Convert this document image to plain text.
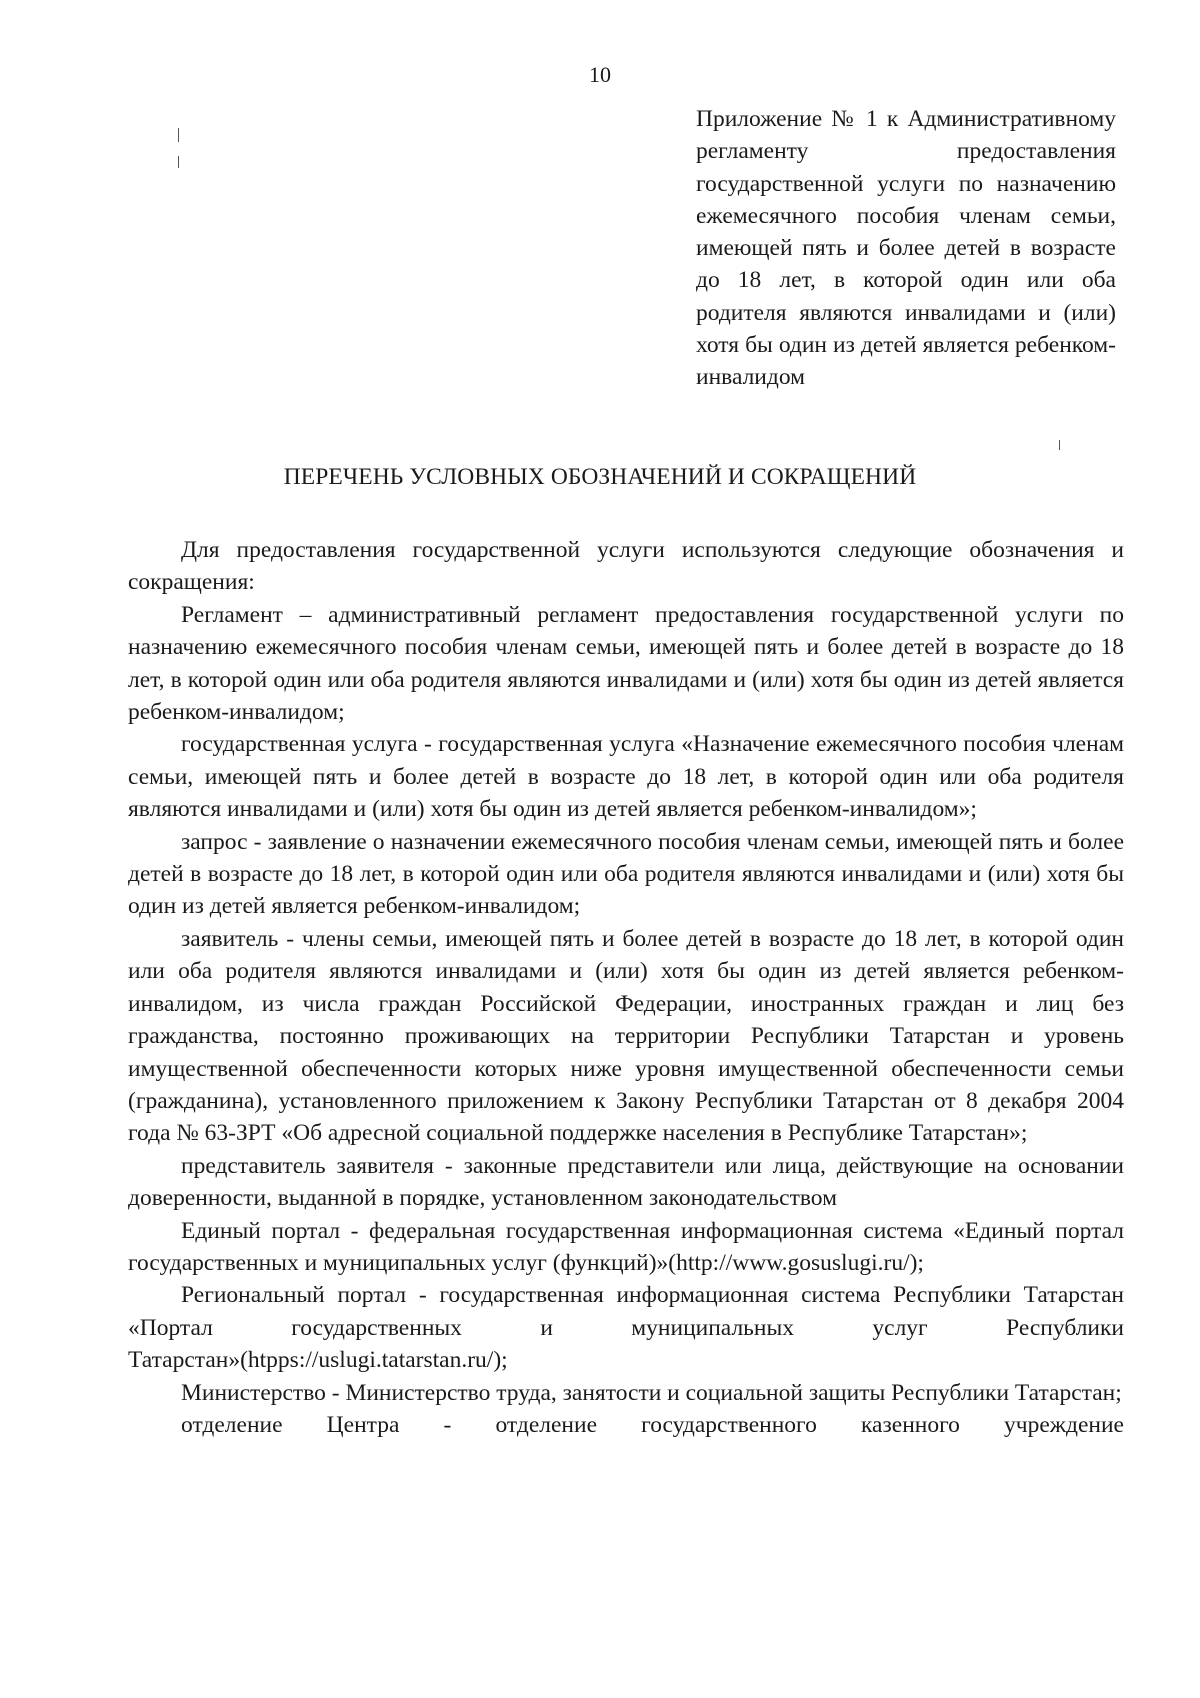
10
Приложение № 1 к Административному регламенту предоставления государственной услуги по назначению ежемесячного пособия членам семьи, имеющей пять и более детей в возрасте до 18 лет, в которой один или оба родителя являются инвалидами и (или) хотя бы один из детей является ребенком-инвалидом
ПЕРЕЧЕНЬ УСЛОВНЫХ ОБОЗНАЧЕНИЙ И СОКРАЩЕНИЙ

Для предоставления государственной услуги используются следующие обозначения и сокращения:

Регламент – административный регламент предоставления государственной услуги по назначению ежемесячного пособия членам семьи, имеющей пять и более детей в возрасте до 18 лет, в которой один или оба родителя являются инвалидами и (или) хотя бы один из детей является ребенком-инвалидом;

государственная услуга - государственная услуга «Назначение ежемесячного пособия членам семьи, имеющей пять и более детей в возрасте до 18 лет, в которой один или оба родителя являются инвалидами и (или) хотя бы один из детей является ребенком-инвалидом»;

запрос - заявление о назначении ежемесячного пособия членам семьи, имеющей пять и более детей в возрасте до 18 лет, в которой один или оба родителя являются инвалидами и (или) хотя бы один из детей является ребенком-инвалидом;

заявитель - члены семьи, имеющей пять и более детей в возрасте до 18 лет, в которой один или оба родителя являются инвалидами и (или) хотя бы один из детей является ребенком-инвалидом, из числа граждан Российской Федерации, иностранных граждан и лиц без гражданства, постоянно проживающих на территории Республики Татарстан и уровень имущественной обеспеченности которых ниже уровня имущественной обеспеченности семьи (гражданина), установленного приложением к Закону Республики Татарстан от 8 декабря 2004 года № 63-ЗРТ «Об адресной социальной поддержке населения в Республике Татарстан»;

представитель заявителя - законные представители или лица, действующие на основании доверенности, выданной в порядке, установленном законодательством

Единый портал - федеральная государственная информационная система «Единый портал государственных и муниципальных услуг (функций)»(http://www.gosuslugi.ru/);

Региональный портал - государственная информационная система Республики Татарстан «Портал государственных и муниципальных услуг Республики Татарстан»(htpps://uslugi.tatarstan.ru/);

Министерство - Министерство труда, занятости и социальной защиты Республики Татарстан;

отделение Центра - отделение государственного казенного учреждение
